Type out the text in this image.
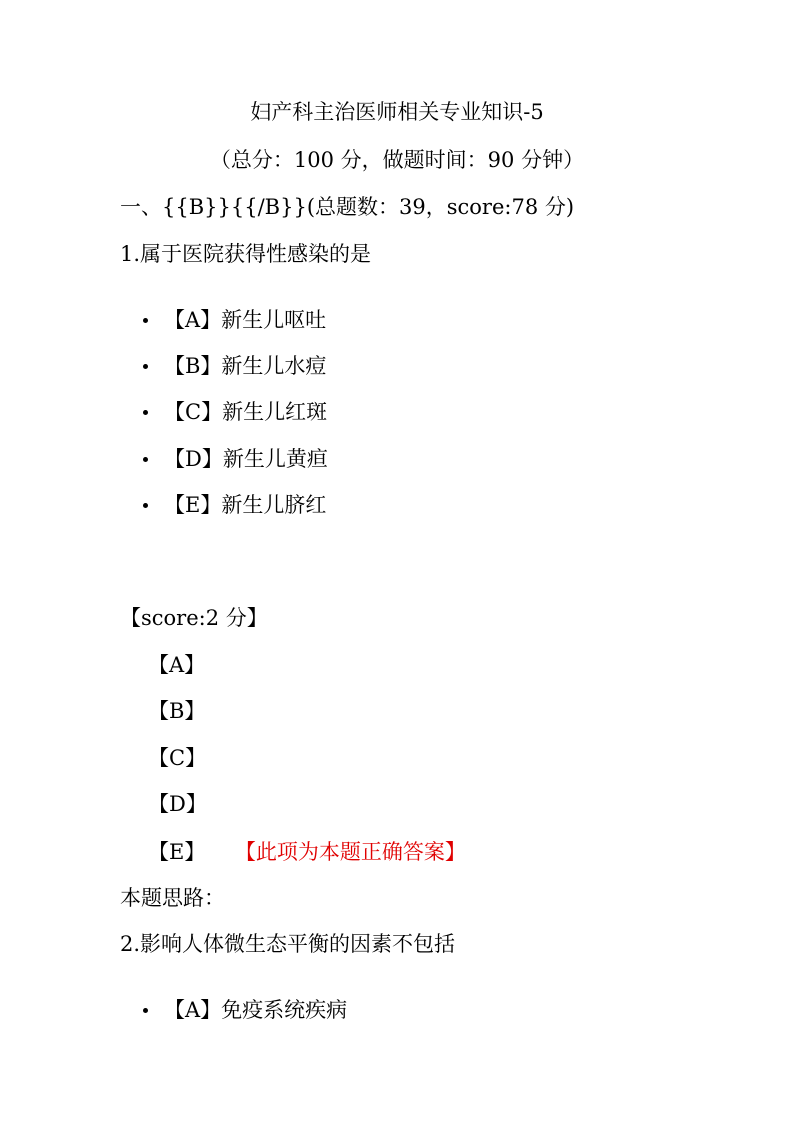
妇产科主治医师相关专业知识-5
（总分：100 分，做题时间：90 分钟）
一、{{B}}{{/B}}(总题数：39，score:78 分)
1.属于医院获得性感染的是
【A】新生儿呕吐
【B】新生儿水痘
【C】新生儿红斑
【D】新生儿黄疸
【E】新生儿脐红
【score:2 分】
【A】
【B】
【C】
【D】
【E】 【此项为本题正确答案】
本题思路：
2.影响人体微生态平衡的因素不包括
【A】免疫系统疾病
